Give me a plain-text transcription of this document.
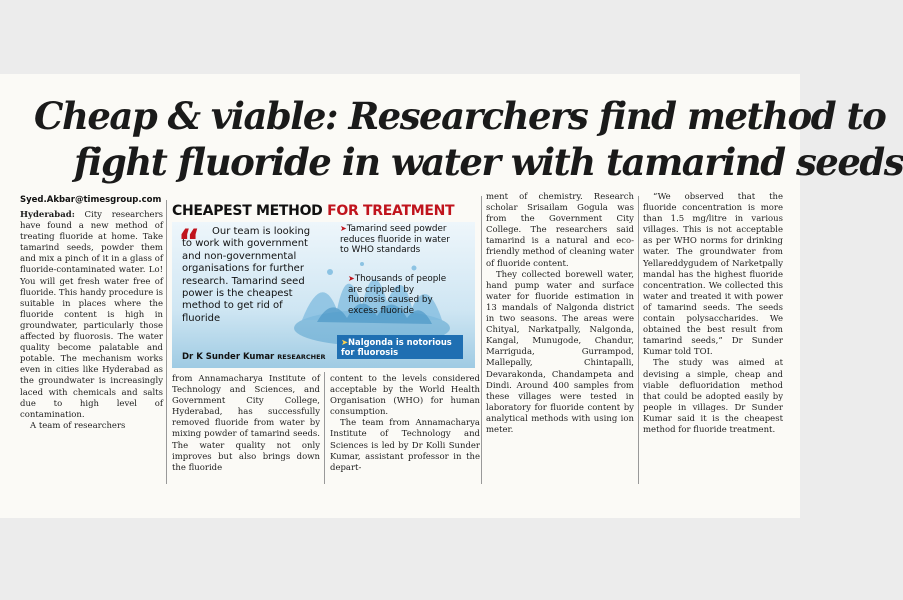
Cheap & viable: Researchers find method to
fight fluoride in water with tamarind seeds
Syed.Akbar@timesgroup.com

Hyderabad: City researchers have found a new method of treating fluoride at home. Take tamarind seeds, powder them and mix a pinch of it in a glass of fluoride-contaminated water. Lo! You will get fresh water free of fluoride. This handy procedure is suitable in places where the fluoride content is high in groundwater, particularly those affected by fluorosis. The water quality become palatable and potable. The mechanism works even in cities like Hyderabad as the groundwater is increasingly laced with chemicals and salts due to high level of contamination.

A team of researchers

CHEAPEST METHOD FOR TREATMENT
“	Our team is looking to work with government and non-governmental organisations for further research. Tamarind seed power is the cheapest method to get rid of fluoride
Dr K Sunder Kumar RESEARCHER
➤Tamarind seed powder reduces fluoride in water to WHO standards
➤Thousands of people are crippled by fluorosis caused by excess fluoride
➤Nalgonda is notorious for fluorosis

from Annamacharya Institute of Technology and Sciences, and Government City College, Hyderabad, has successfully removed fluoride from water by mixing powder of tamarind seeds. The water quality not only improves but also brings down the fluoride

content to the levels considered acceptable by the World Health Organisation (WHO) for human consumption.

The team from Annamacharya Institute of Technology and Sciences is led by Dr Kolli Sunder Kumar, assistant professor in the depart-

ment of chemistry. Research scholar Srisailam Gogula was from the Government City College. The researchers said tamarind is a natural and eco-friendly method of cleaning water of fluoride content.

They collected borewell water, hand pump water and surface water for fluoride estimation in 13 mandals of Nalgonda district in two seasons. The areas were Chityal, Narkatpally, Nalgonda, Kangal, Munugode, Chandur, Marriguda, Gurrampod, Mallepally, Chintapalli, Devarakonda, Chandampeta and Dindi. Around 400 samples from these villages were tested in laboratory for fluoride content by analytical methods with using ion meter.

“We observed that the fluoride concentration is more than 1.5 mg/litre in various villages. This is not acceptable as per WHO norms for drinking water. The groundwater from Yellareddygudem of Narketpally mandal has the highest fluoride concentration. We collected this water and treated it with power of tamarind seeds. The seeds contain polysaccharides. We obtained the best result from tamarind seeds,” Dr Sunder Kumar told TOI.

The study was aimed at devising a simple, cheap and viable defluoridation method that could be adopted easily by people in villages. Dr Sunder Kumar said it is the cheapest method for fluoride treatment.
